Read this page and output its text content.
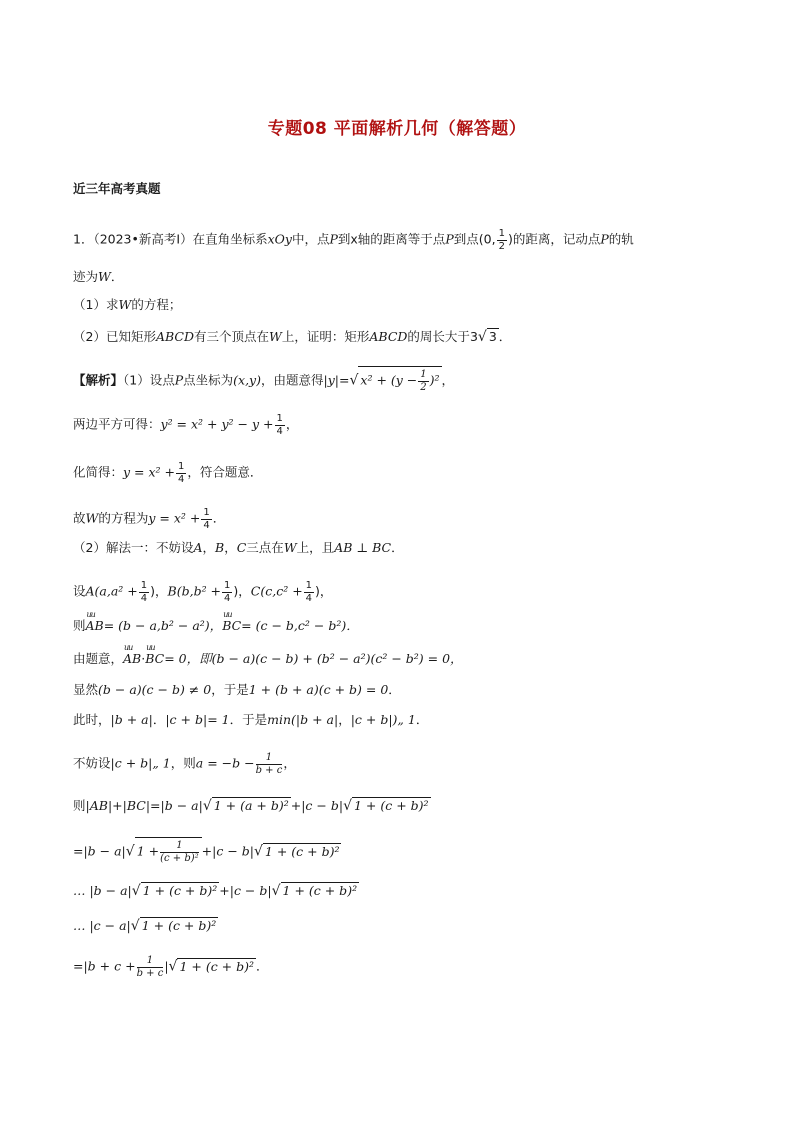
专题08 平面解析几何（解答题）
近三年高考真题
1．（2023•新高考Ⅰ）在直角坐标系xOy中，点P到x轴的距离等于点P到点(0, $\frac{1}{2}$ )的距离，记动点P的轨
迹为W．
（1）求W的方程；
（2）已知矩形ABCD有三个顶点在W上，证明：矩形ABCD的周长大于3√ 3 ．
【解析】（1）设点P点坐标为(x,y)，由题意得|y|=√ $x^2 + (y - \frac{1}{2} )^2$ ，
两边平方可得：$y^2 = x^2 + y^2 - y + \frac{1}{4}$ ，
化简得：$y = x^2 + \frac{1}{4}$ ，符合题意．
故W的方程为$y = x^2 + \frac{1}{4}$ ．
（2）解法一：不妨设A，B，C三点在W上，且AB ⊥ BC．
设$A(a,a^2 + \frac{1}{4}$ )，$B(b,b^2 + \frac{1}{4}$ )，$C(c,c^2 + \frac{1}{4}$ )，
则uu AB= (b − a,b² − a²)，uu BC= (c − b,c² − b²)．
由题意，uu AB·uu BC= 0，即(b − a)(c − b) + (b² − a²)(c² − b²) = 0，
显然(b − a)(c − b) ≠ 0，于是1 + (b + a)(c + b) = 0．
此时，|b + a|．|c + b|= 1．于是min(|b + a|，|c + b|)„ 1．
不妨设|c + b|„ 1，则$a = -b - \frac{1}{b + c}$ ，
则|AB|+|BC|=|b − a|√ 1 + (a + b)² +|c − b|√ 1 + (c + b)²
=|b − a|√ $1 + \frac{1}{\text{(c + b)²}} +|c - b|√$ 1 + (c + b)²
… |b − a|√ 1 + (c + b)² +|c − b|√ 1 + (c + b)²
… |c − a|√ 1 + (c + b)²
$=|b + c + \frac{1}{b + c}$ |√ 1 + (c + b)² ．
